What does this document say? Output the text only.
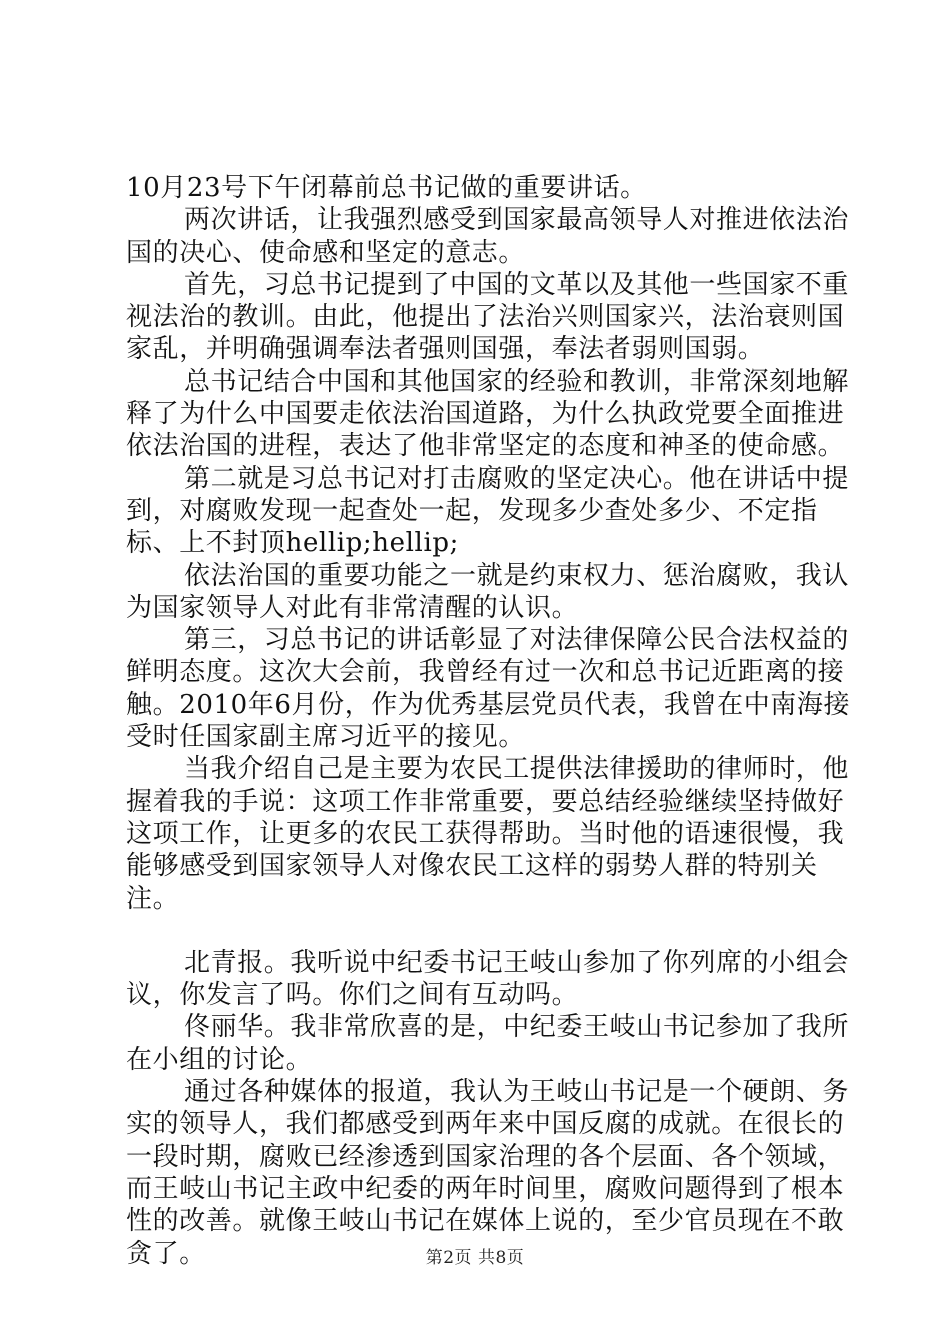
10月23号下午闭幕前总书记做的重要讲话。

两次讲话，让我强烈感受到国家最高领导人对推进依法治国的决心、使命感和坚定的意志。

首先，习总书记提到了中国的文革以及其他一些国家不重视法治的教训。由此，他提出了法治兴则国家兴，法治衰则国家乱，并明确强调奉法者强则国强，奉法者弱则国弱。

总书记结合中国和其他国家的经验和教训，非常深刻地解释了为什么中国要走依法治国道路，为什么执政党要全面推进依法治国的进程，表达了他非常坚定的态度和神圣的使命感。

第二就是习总书记对打击腐败的坚定决心。他在讲话中提到，对腐败发现一起查处一起，发现多少查处多少、不定指标、上不封顶hellip;hellip;

依法治国的重要功能之一就是约束权力、惩治腐败，我认为国家领导人对此有非常清醒的认识。

第三，习总书记的讲话彰显了对法律保障公民合法权益的鲜明态度。这次大会前，我曾经有过一次和总书记近距离的接触。2010年6月份，作为优秀基层党员代表，我曾在中南海接受时任国家副主席习近平的接见。

当我介绍自己是主要为农民工提供法律援助的律师时，他握着我的手说：这项工作非常重要，要总结经验继续坚持做好这项工作，让更多的农民工获得帮助。当时他的语速很慢，我能够感受到国家领导人对像农民工这样的弱势人群的特别关注。

北青报。我听说中纪委书记王岐山参加了你列席的小组会议，你发言了吗。你们之间有互动吗。

佟丽华。我非常欣喜的是，中纪委王岐山书记参加了我所在小组的讨论。

通过各种媒体的报道，我认为王岐山书记是一个硬朗、务实的领导人，我们都感受到两年来中国反腐的成就。在很长的一段时期，腐败已经渗透到国家治理的各个层面、各个领域，而王岐山书记主政中纪委的两年时间里，腐败问题得到了根本性的改善。就像王岐山书记在媒体上说的，至少官员现在不敢贪了。	第2页 共8页
